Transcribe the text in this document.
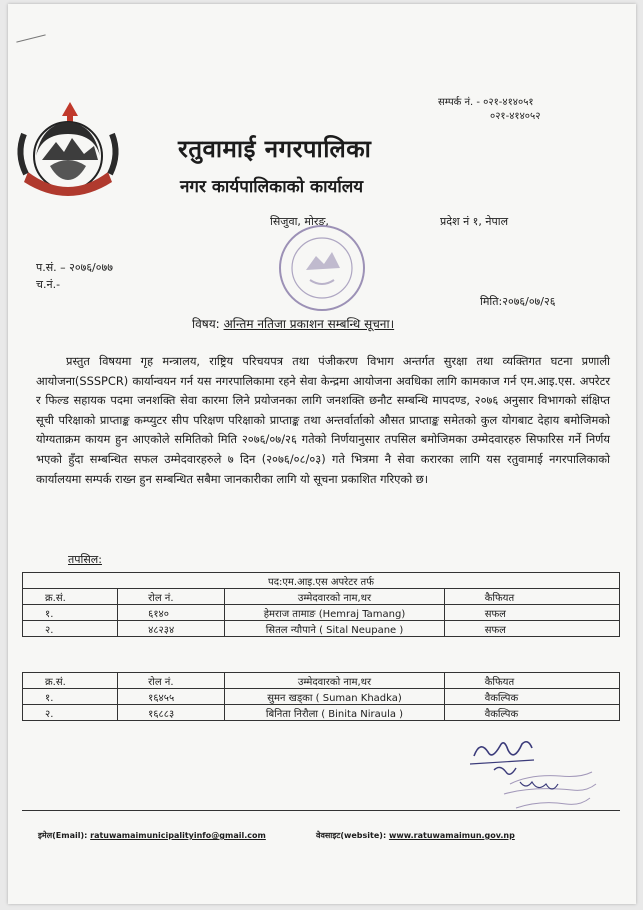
सम्पर्क नं. - ०२१-४१४०५१
०२१-४१४०५२
रतुवामाई नगरपालिका
नगर कार्यपालिकाको कार्यालय
सिजुवा, मोरङ,	प्रदेश नं १, नेपाल
प.सं. – २०७६/०७७
च.नं.-
मिति:२०७६/०७/२६
विषय: अन्तिम नतिजा प्रकाशन सम्बन्धि सूचना।
प्रस्तुत विषयमा गृह मन्त्रालय, राष्ट्रिय परिचयपत्र तथा पंजीकरण विभाग अन्तर्गत सुरक्षा तथा व्यक्तिगत घटना प्रणाली आयोजना(SSSPCR) कार्यान्वयन गर्न यस नगरपालिकामा रहने सेवा केन्द्रमा आयोजना अवधिका लागि कामकाज गर्न एम.आइ.एस. अपरेटर र फिल्ड सहायक पदमा जनशक्ति सेवा कारमा लिने प्रयोजनका लागि जनशक्ति छनौट सम्बन्धि मापदण्ड, २०७६ अनुसार विभागको संक्षिप्त सूची परिक्षाको प्राप्ताङ्क कम्प्युटर सीप परिक्षण परिक्षाको प्राप्ताङ्क तथा अन्तर्वार्ताको औसत प्राप्ताङ्क समेतको कुल योगबाट देहाय बमोजिमको योग्यताक्रम कायम हुन आएकोले समितिको मिति २०७६/०७/२६ गतेको निर्णयानुसार तपसिल बमोजिमका उम्मेदवारहरु सिफारिस गर्ने निर्णय भएको हुँदा सम्बन्धित सफल उम्मेदवारहरुले ७ दिन (२०७६/०८/०३) गते भित्रमा नै सेवा करारका लागि यस रतुवामाई नगरपालिकाको कार्यालयमा सम्पर्क राख्न हुन सम्बन्धित सबैमा जानकारीका लागि यो सूचना प्रकाशित गरिएको छ।
तपसिल:
पद:एम.आइ.एस अपरेटर तर्फ			
क्र.सं.	रोल नं.	उम्मेदवारको नाम,थर	कैफियत
१.	६१४०	हेमराज तामाङ (Hemraj Tamang)	सफल
२.	४८२३४	सितल न्यौपाने ( Sital Neupane )	सफल
क्र.सं.	रोल नं.	उम्मेदवारको नाम,थर	कैफियत
१.	१६४५५	सुमन खड्का ( Suman Khadka)	वैकल्पिक
२.	१६८८३	बिनिता निरौला ( Binita Niraula )	वैकल्पिक
इमेल(Email): ratuwamaimunicipalityinfo@gmail.com	वेवसाइट(website): www.ratuwamaimun.gov.np
